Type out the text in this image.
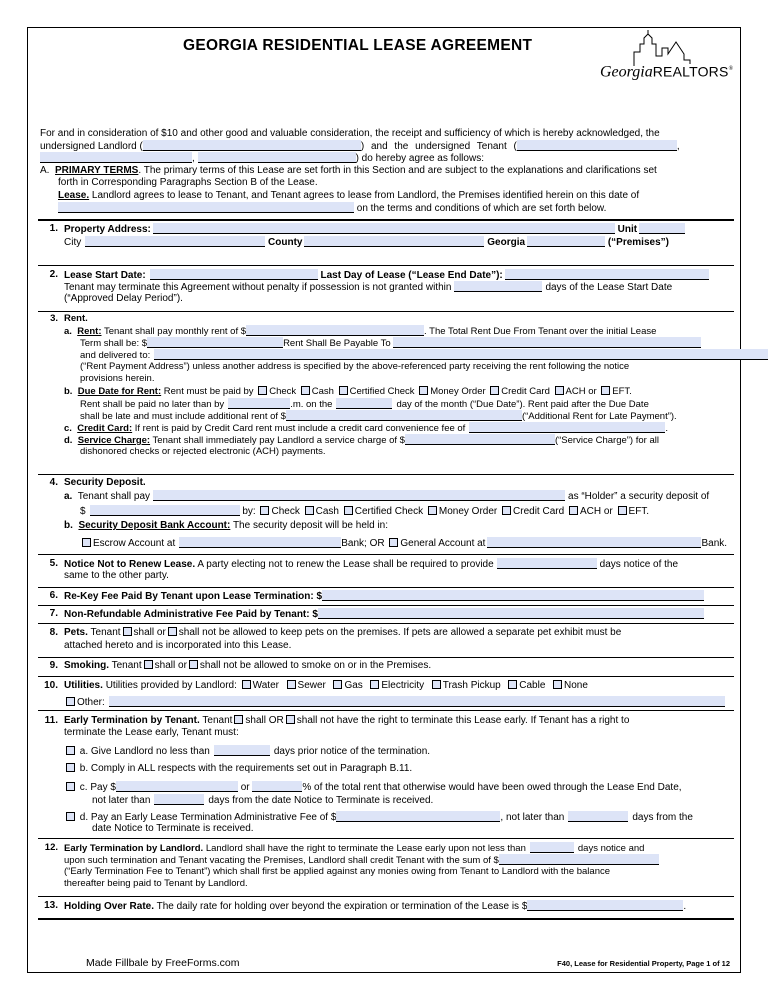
GEORGIA RESIDENTIAL LEASE AGREEMENT
GeorgiaREALTORS®
For and in consideration of $10 and other good and valuable consideration, the receipt and sufficiency of which is hereby acknowledged, the
undersigned Landlord (	) and the undersigned Tenant (	,
,	) do hereby agree as follows:
A. PRIMARY TERMS. The primary terms of this Lease are set forth in this Section and are subject to the explanations and clarifications set
forth in Corresponding Paragraphs Section B of the Lease.
Lease. Landlord agrees to lease to Tenant, and Tenant agrees to lease from Landlord, the Premises identified herein on this date of
on the terms and conditions of which are set forth below.
1. Property Address:	Unit
City	County	Georgia	(“Premises”)
2. Lease Start Date:	Last Day of Lease (“Lease End Date”):
Tenant may terminate this Agreement without penalty if possession is not granted within	days of the Lease Start Date
(“Approved Delay Period”).
3. Rent.
a. Rent: Tenant shall pay monthly rent of $	. The Total Rent Due From Tenant over the initial Lease
Term shall be: $	Rent Shall Be Payable To
and delivered to:
(“Rent Payment Address”) unless another address is specified by the above-referenced party receiving the rent following the notice
provisions herein.
b. Due Date for Rent: Rent must be paid by Check Cash Certified Check Money Order Credit Card ACH or EFT.
Rent shall be paid no later than by	.m. on the	day of the month (“Due Date”). Rent paid after the Due Date
shall be late and must include additional rent of $	(“Additional Rent for Late Payment”).
c. Credit Card: If rent is paid by Credit Card rent must include a credit card convenience fee of	.
d. Service Charge: Tenant shall immediately pay Landlord a service charge of $	(“Service Charge”) for all
dishonored checks or rejected electronic (ACH) payments.
4. Security Deposit.
a. Tenant shall pay	as “Holder” a security deposit of
$	by: Check Cash Certified Check Money Order Credit Card ACH or EFT.
b. Security Deposit Bank Account: The security deposit will be held in:
Escrow Account at	Bank; OR General Account at	Bank.
5. Notice Not to Renew Lease. A party electing not to renew the Lease shall be required to provide	days notice of the
same to the other party.
6. Re-Key Fee Paid By Tenant upon Lease Termination: $
7. Non-Refundable Administrative Fee Paid by Tenant: $
8. Pets. Tenant shall or shall not be allowed to keep pets on the premises. If pets are allowed a separate pet exhibit must be
attached hereto and is incorporated into this Lease.
9. Smoking. Tenant shall or shall not be allowed to smoke on or in the Premises.
10. Utilities. Utilities provided by Landlord: Water Sewer Gas Electricity Trash Pickup Cable None
Other:
11. Early Termination by Tenant. Tenant shall OR shall not have the right to terminate this Lease early. If Tenant has a right to
terminate the Lease early, Tenant must:
a. Give Landlord no less than	days prior notice of the termination.
b. Comply in ALL respects with the requirements set out in Paragraph B.11.
c. Pay $	or	% of the total rent that otherwise would have been owed through the Lease End Date,
not later than	days from the date Notice to Terminate is received.
d. Pay an Early Lease Termination Administrative Fee of $	, not later than	days from the
date Notice to Terminate is received.
12. Early Termination by Landlord. Landlord shall have the right to terminate the Lease early upon not less than	days notice and
upon such termination and Tenant vacating the Premises, Landlord shall credit Tenant with the sum of $
(“Early Termination Fee to Tenant”) which shall first be applied against any monies owing from Tenant to Landlord with the balance
thereafter being paid to Tenant by Landlord.
13. Holding Over Rate. The daily rate for holding over beyond the expiration or termination of the Lease is $	.
Made Fillbale by FreeForms.com	F40, Lease for Residential Property, Page 1 of 12
